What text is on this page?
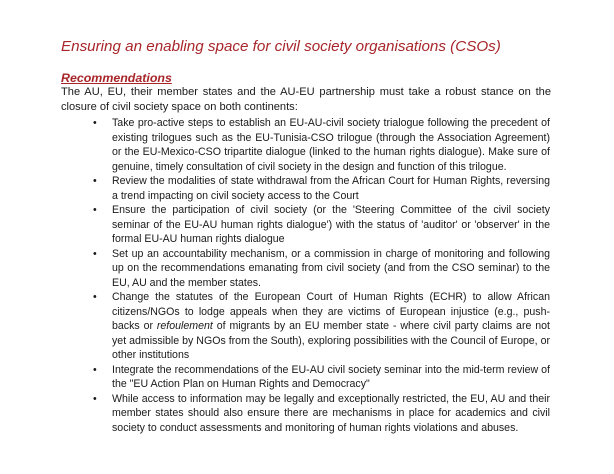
Ensuring an enabling space for civil society organisations (CSOs)
Recommendations

The AU, EU, their member states and the AU-EU partnership must take a robust stance on the closure of civil society space on both continents:

• Take pro-active steps to establish an EU-AU-civil society trialogue following the precedent of existing trilogues such as the EU-Tunisia-CSO trilogue (through the Association Agreement) or the EU-Mexico-CSO tripartite dialogue (linked to the human rights dialogue). Make sure of genuine, timely consultation of civil society in the design and function of this trilogue.
• Review the modalities of state withdrawal from the African Court for Human Rights, reversing a trend impacting on civil society access to the Court
• Ensure the participation of civil society (or the 'Steering Committee of the civil society seminar of the EU-AU human rights dialogue') with the status of 'auditor' or 'observer' in the formal EU-AU human rights dialogue
• Set up an accountability mechanism, or a commission in charge of monitoring and following up on the recommendations emanating from civil society (and from the CSO seminar) to the EU, AU and the member states.
• Change the statutes of the European Court of Human Rights (ECHR) to allow African citizens/NGOs to lodge appeals when they are victims of European injustice (e.g., push-backs or refoulement of migrants by an EU member state - where civil party claims are not yet admissible by NGOs from the South), exploring possibilities with the Council of Europe, or other institutions
• Integrate the recommendations of the EU-AU civil society seminar into the mid-term review of the "EU Action Plan on Human Rights and Democracy"
• While access to information may be legally and exceptionally restricted, the EU, AU and their member states should also ensure there are mechanisms in place for academics and civil society to conduct assessments and monitoring of human rights violations and abuses.
